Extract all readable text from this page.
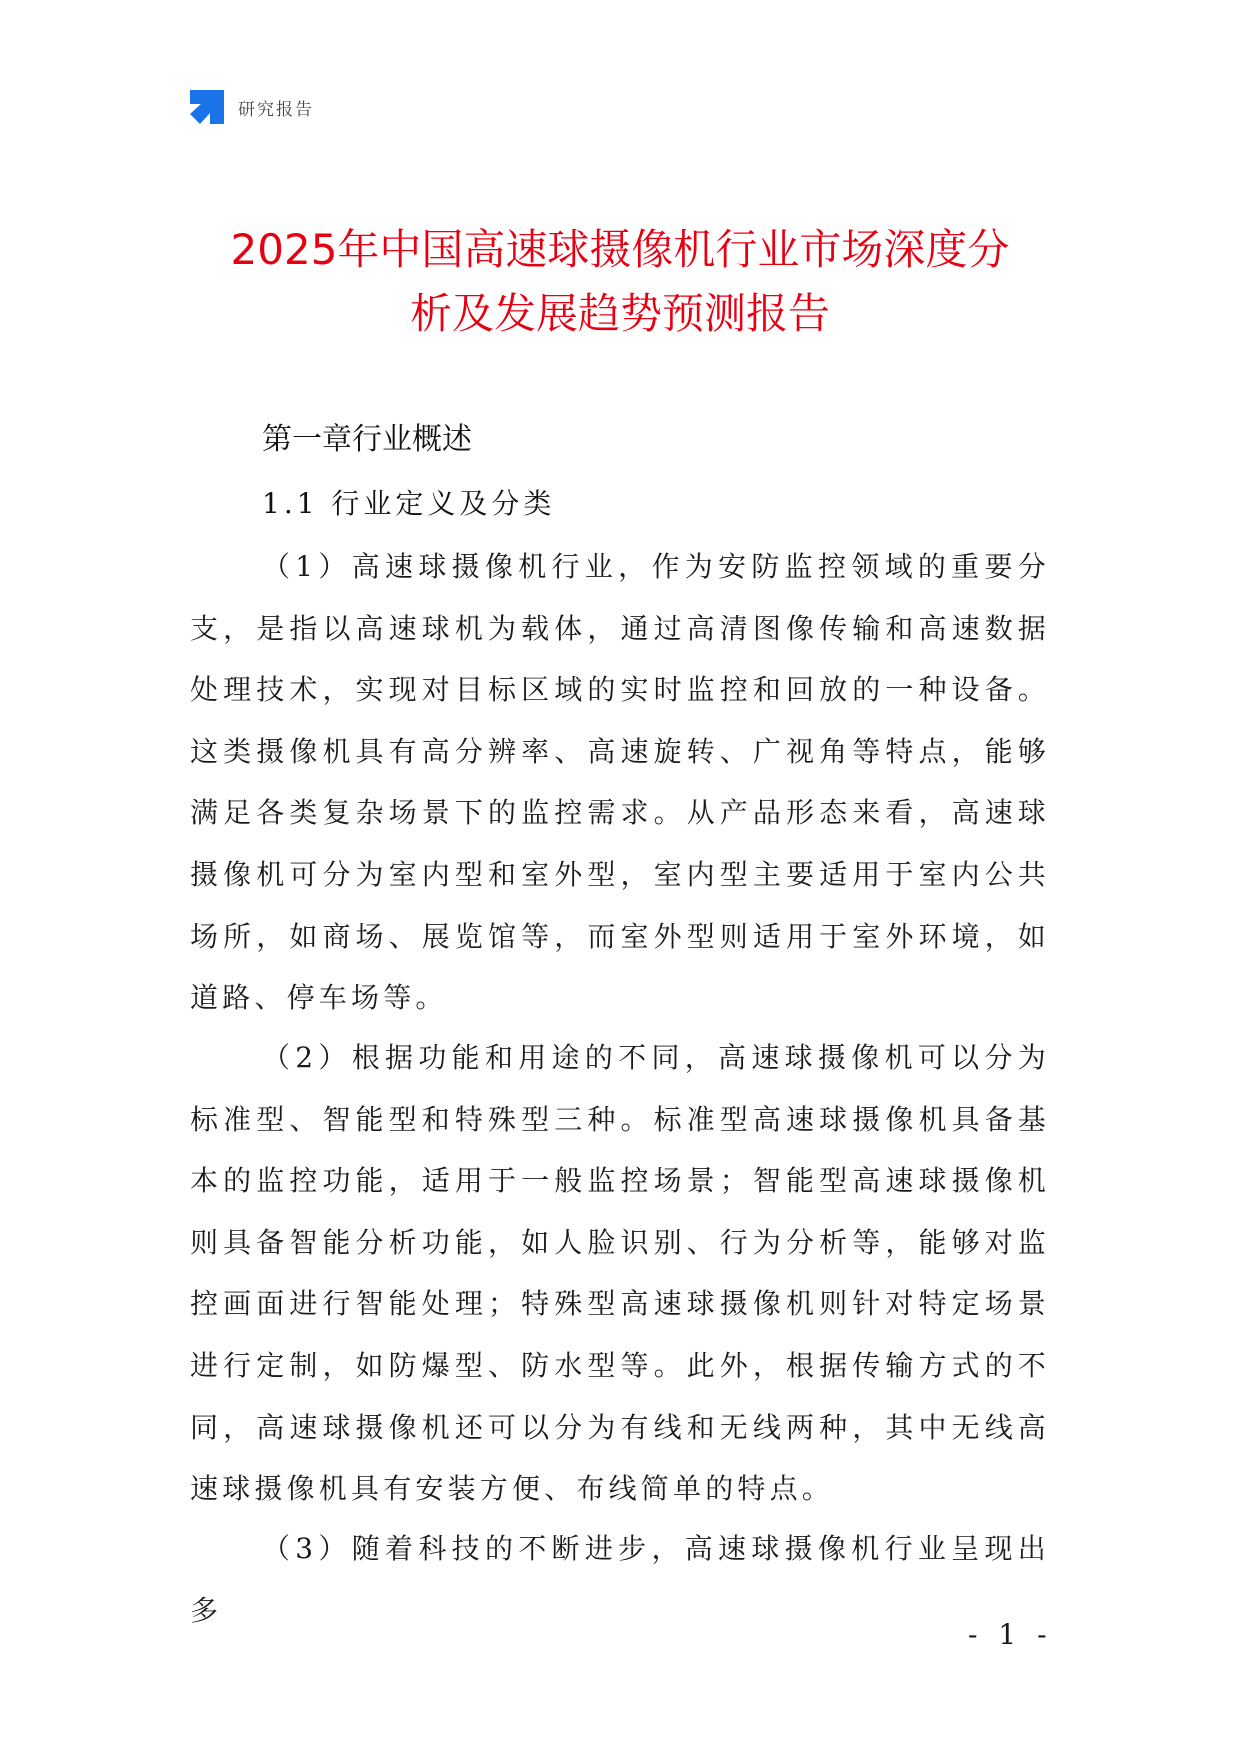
研究报告
2025年中国高速球摄像机行业市场深度分
析及发展趋势预测报告
第一章行业概述
1.1 行业定义及分类

（1）高速球摄像机行业，作为安防监控领域的重要分支，是指以高速球机为载体，通过高清图像传输和高速数据处理技术，实现对目标区域的实时监控和回放的一种设备。这类摄像机具有高分辨率、高速旋转、广视角等特点，能够满足各类复杂场景下的监控需求。从产品形态来看，高速球摄像机可分为室内型和室外型，室内型主要适用于室内公共场所，如商场、展览馆等，而室外型则适用于室外环境，如道路、停车场等。

（2）根据功能和用途的不同，高速球摄像机可以分为标准型、智能型和特殊型三种。标准型高速球摄像机具备基本的监控功能，适用于一般监控场景；智能型高速球摄像机则具备智能分析功能，如人脸识别、行为分析等，能够对监控画面进行智能处理；特殊型高速球摄像机则针对特定场景进行定制，如防爆型、防水型等。此外，根据传输方式的不同，高速球摄像机还可以分为有线和无线两种，其中无线高速球摄像机具有安装方便、布线简单的特点。

（3）随着科技的不断进步，高速球摄像机行业呈现出多

- 1 -
